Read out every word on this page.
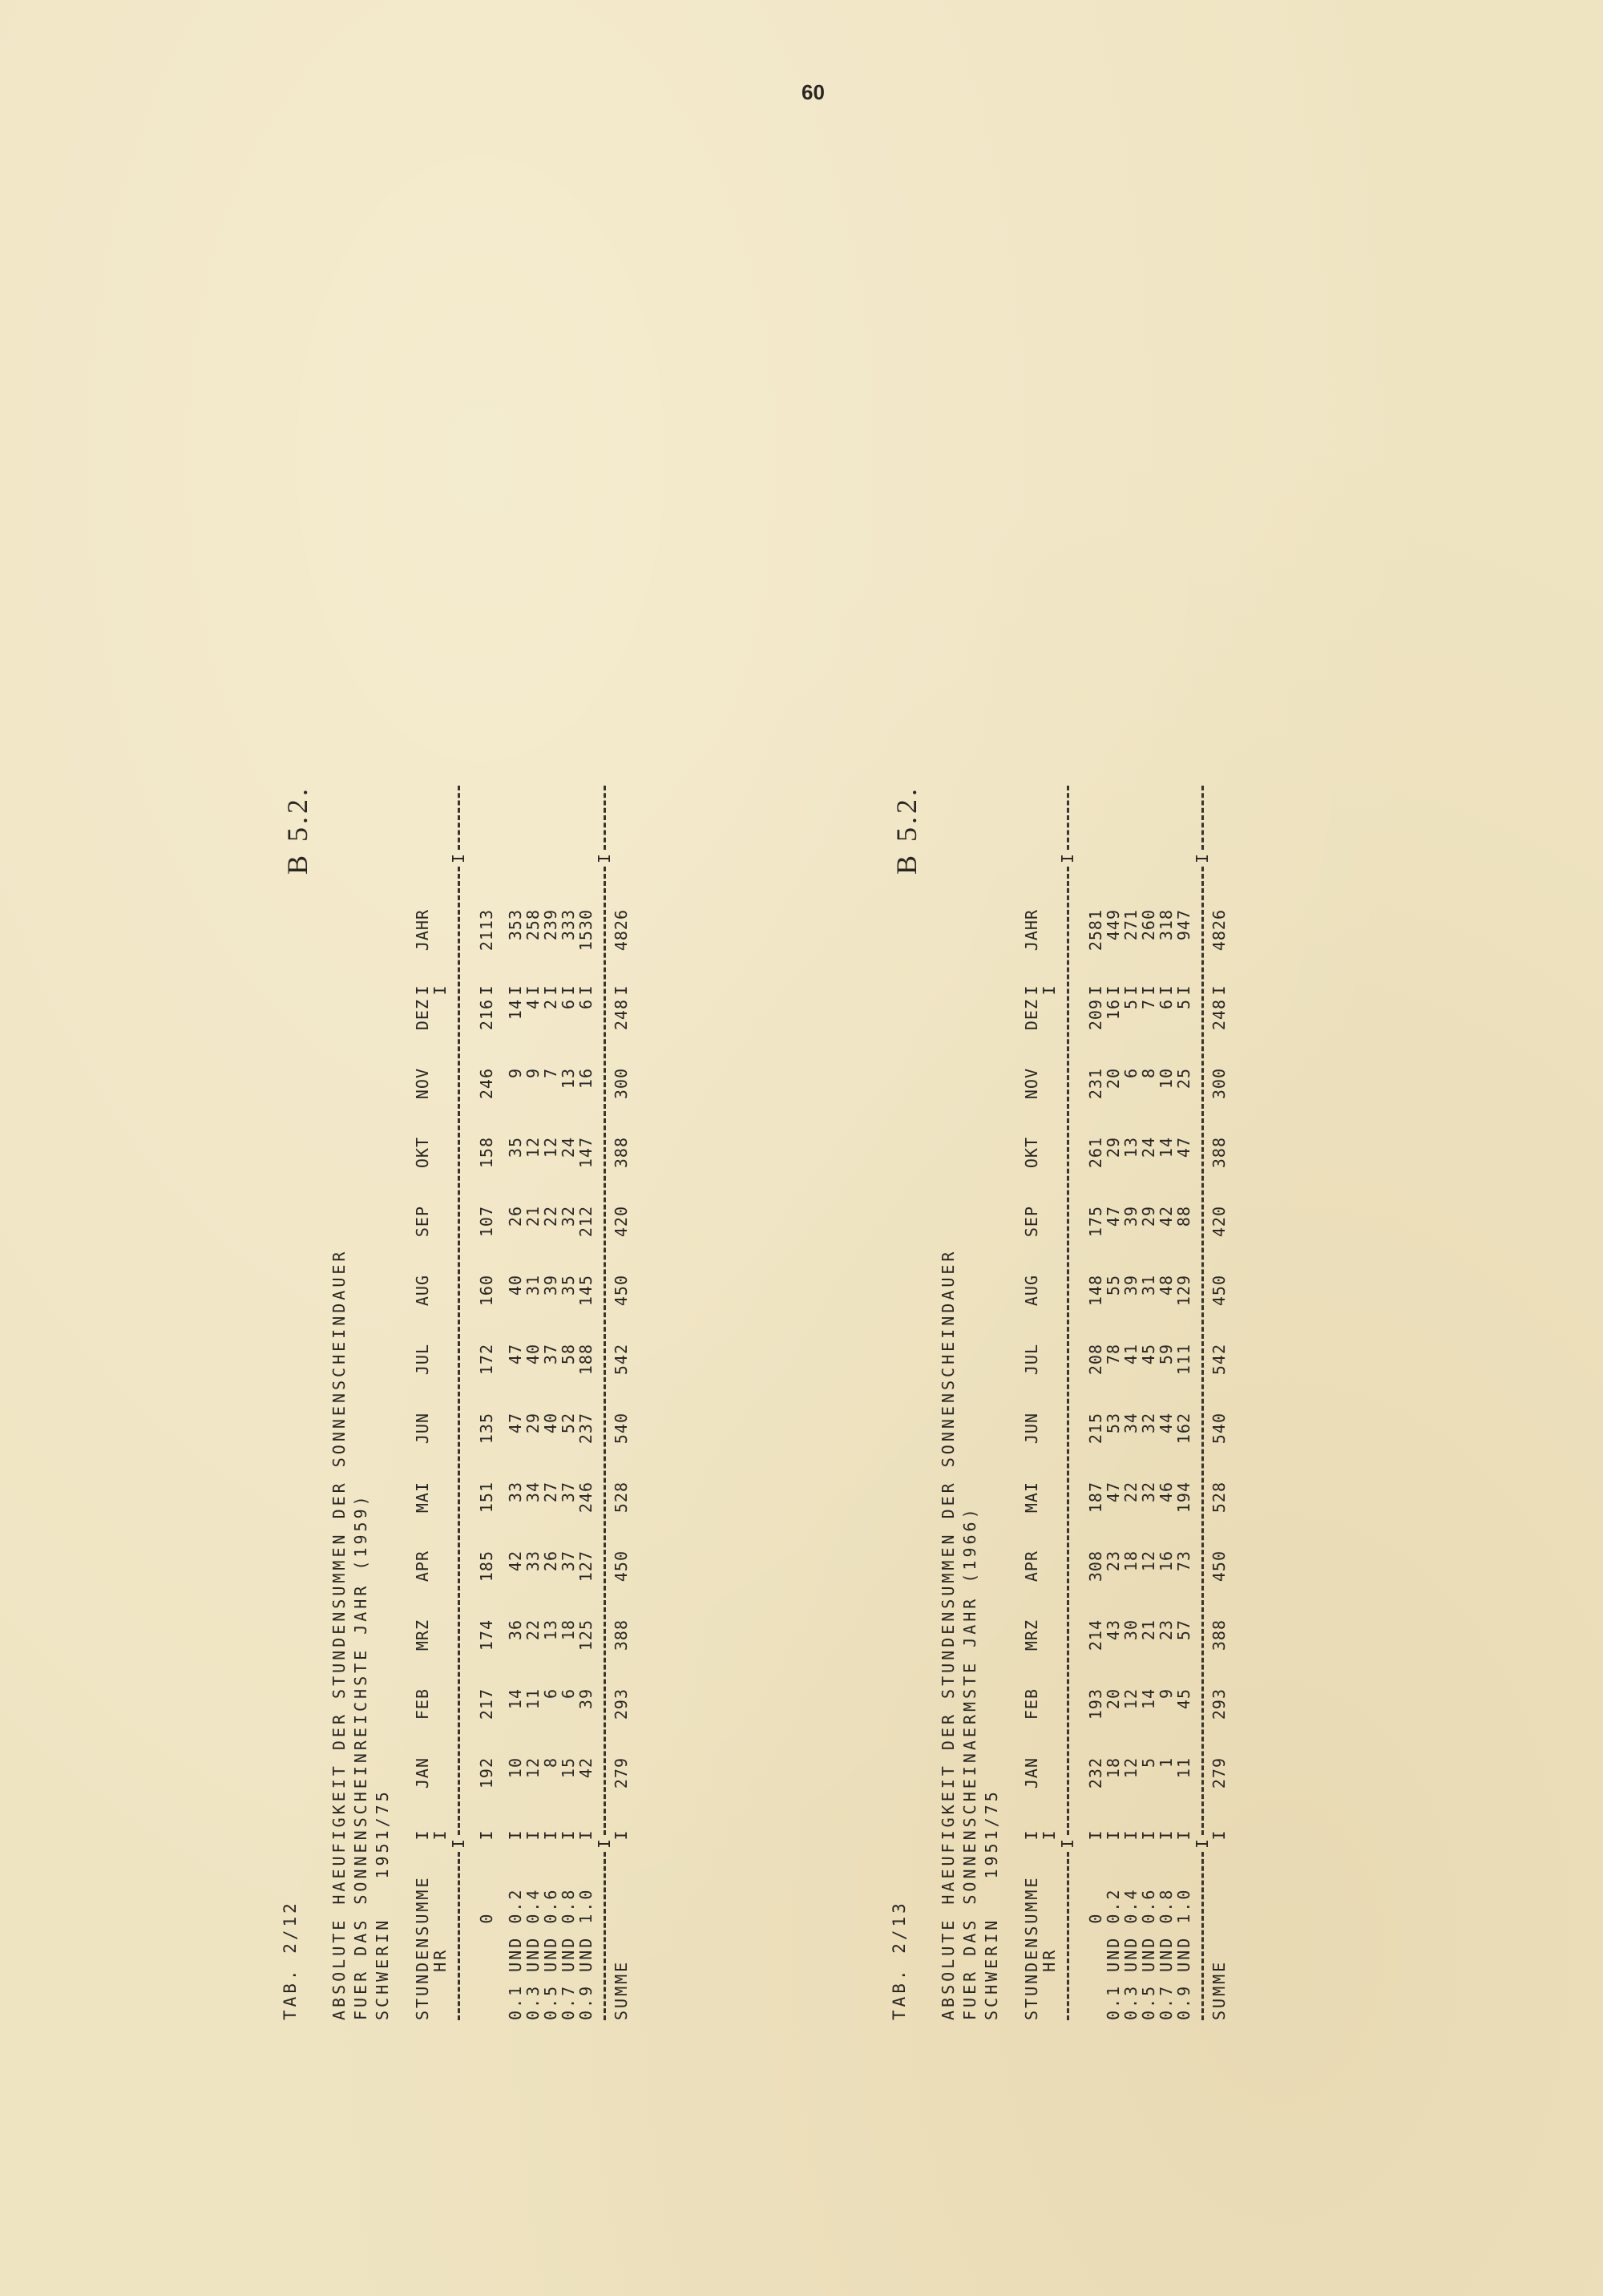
60
B 5.2.
TAB. 2/12 ABSOLUTE HAEUFIGKEIT DER STUNDENSUMMEN DER SONNENSCHEINDAUER FUER DAS SONNENSCHEINREICHSTE JAHR (1959) SCHWERIN   1951/75 STUNDENSUMME
I
JAN
FEB
MRZ
APR
MAI
JUN
JUL
AUG
SEP
OKT
NOV
DEZ
I
JAHR
HR
I
I
I
I
0
I
192
217
174
185
151
135
172
160
107
158
246
216
I
2113
0.1 UND 0.2
I
10
14
36
42
33
47
47
40
26
35
9
14
I
353
0.3 UND 0.4
I
12
11
22
33
34
29
40
31
21
12
9
4
I
258
0.5 UND 0.6
I
8
6
13
26
27
40
37
39
22
12
7
2
I
239
0.7 UND 0.8
I
15
6
18
37
37
52
58
35
32
24
13
6
I
333
0.9 UND 1.0
I
42
39
125
127
246
237
188
145
212
147
16
6
I
1530
I
I
SUMME
I
279
293
388
450
528
540
542
450
420
388
300
248
I
4826
B 5.2.
TAB. 2/13 ABSOLUTE HAEUFIGKEIT DER STUNDENSUMMEN DER SONNENSCHEINDAUER FUER DAS SONNENSCHEINAERMSTE JAHR (1966) SCHWERIN   1951/75 STUNDENSUMME
I
JAN
FEB
MRZ
APR
MAI
JUN
JUL
AUG
SEP
OKT
NOV
DEZ
I
JAHR
HR
I
I
I
I
0
I
232
193
214
308
187
215
208
148
175
261
231
209
I
2581
0.1 UND 0.2
I
18
20
43
23
47
53
78
55
47
29
20
16
I
449
0.3 UND 0.4
I
12
12
30
18
22
34
41
39
39
13
6
5
I
271
0.5 UND 0.6
I
5
14
21
12
32
32
45
31
29
24
8
7
I
260
0.7 UND 0.8
I
1
9
23
16
46
44
59
48
42
14
10
6
I
318
0.9 UND 1.0
I
11
45
57
73
194
162
111
129
88
47
25
5
I
947
I
I
SUMME
I
279
293
388
450
528
540
542
450
420
388
300
248
I
4826
